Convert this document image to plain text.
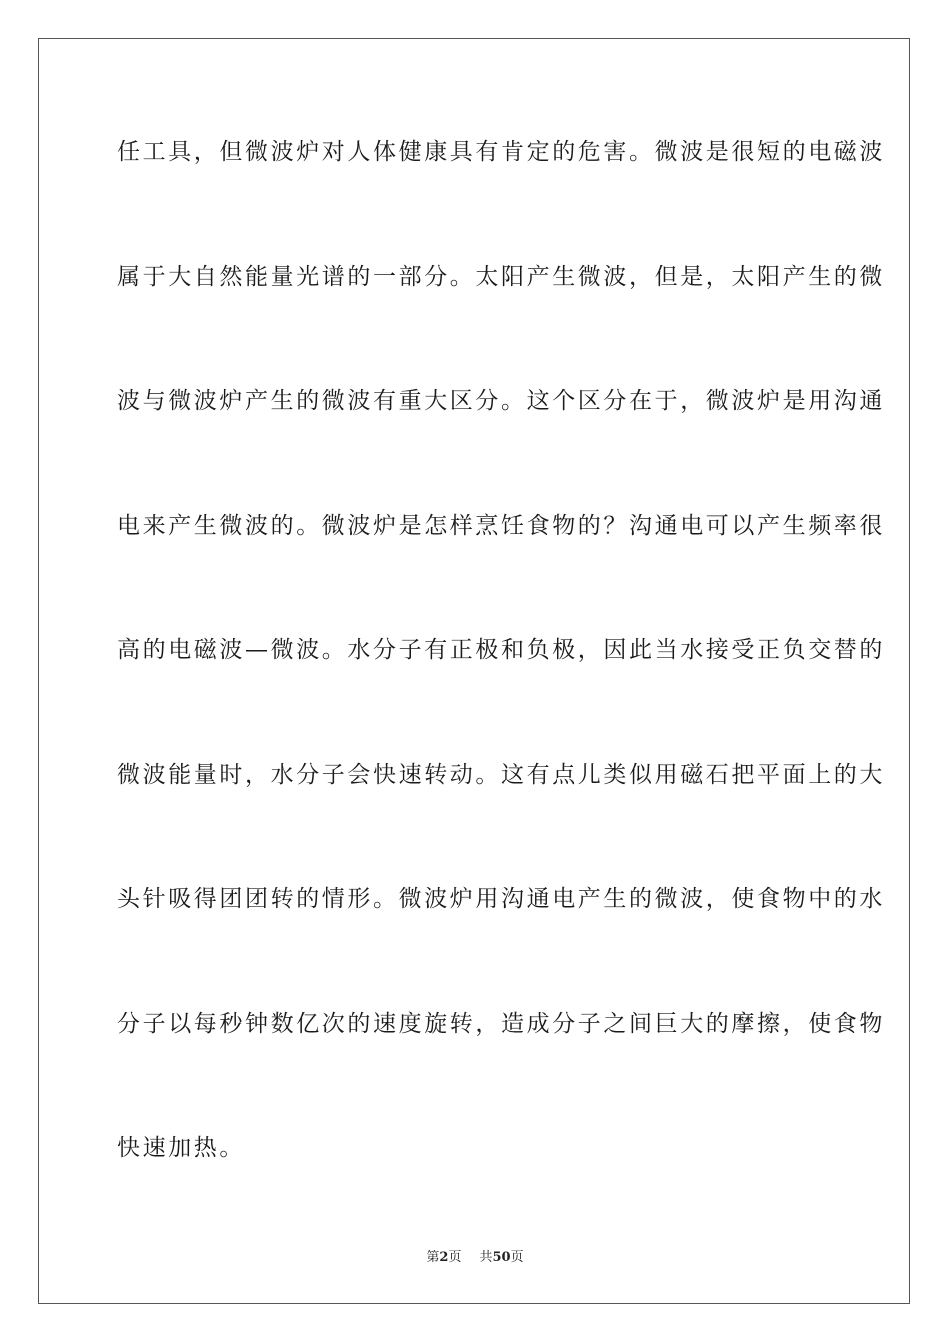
任工具，但微波炉对人体健康具有肯定的危害。微波是很短的电磁波
属于大自然能量光谱的一部分。太阳产生微波，但是，太阳产生的微
波与微波炉产生的微波有重大区分。这个区分在于，微波炉是用沟通
电来产生微波的。微波炉是怎样烹饪食物的？沟通电可以产生频率很
高的电磁波—微波。水分子有正极和负极，因此当水接受正负交替的
微波能量时，水分子会快速转动。这有点儿类似用磁石把平面上的大
头针吸得团团转的情形。微波炉用沟通电产生的微波，使食物中的水
分子以每秒钟数亿次的速度旋转，造成分子之间巨大的摩擦，使食物
快速加热。
第2页 共50页
